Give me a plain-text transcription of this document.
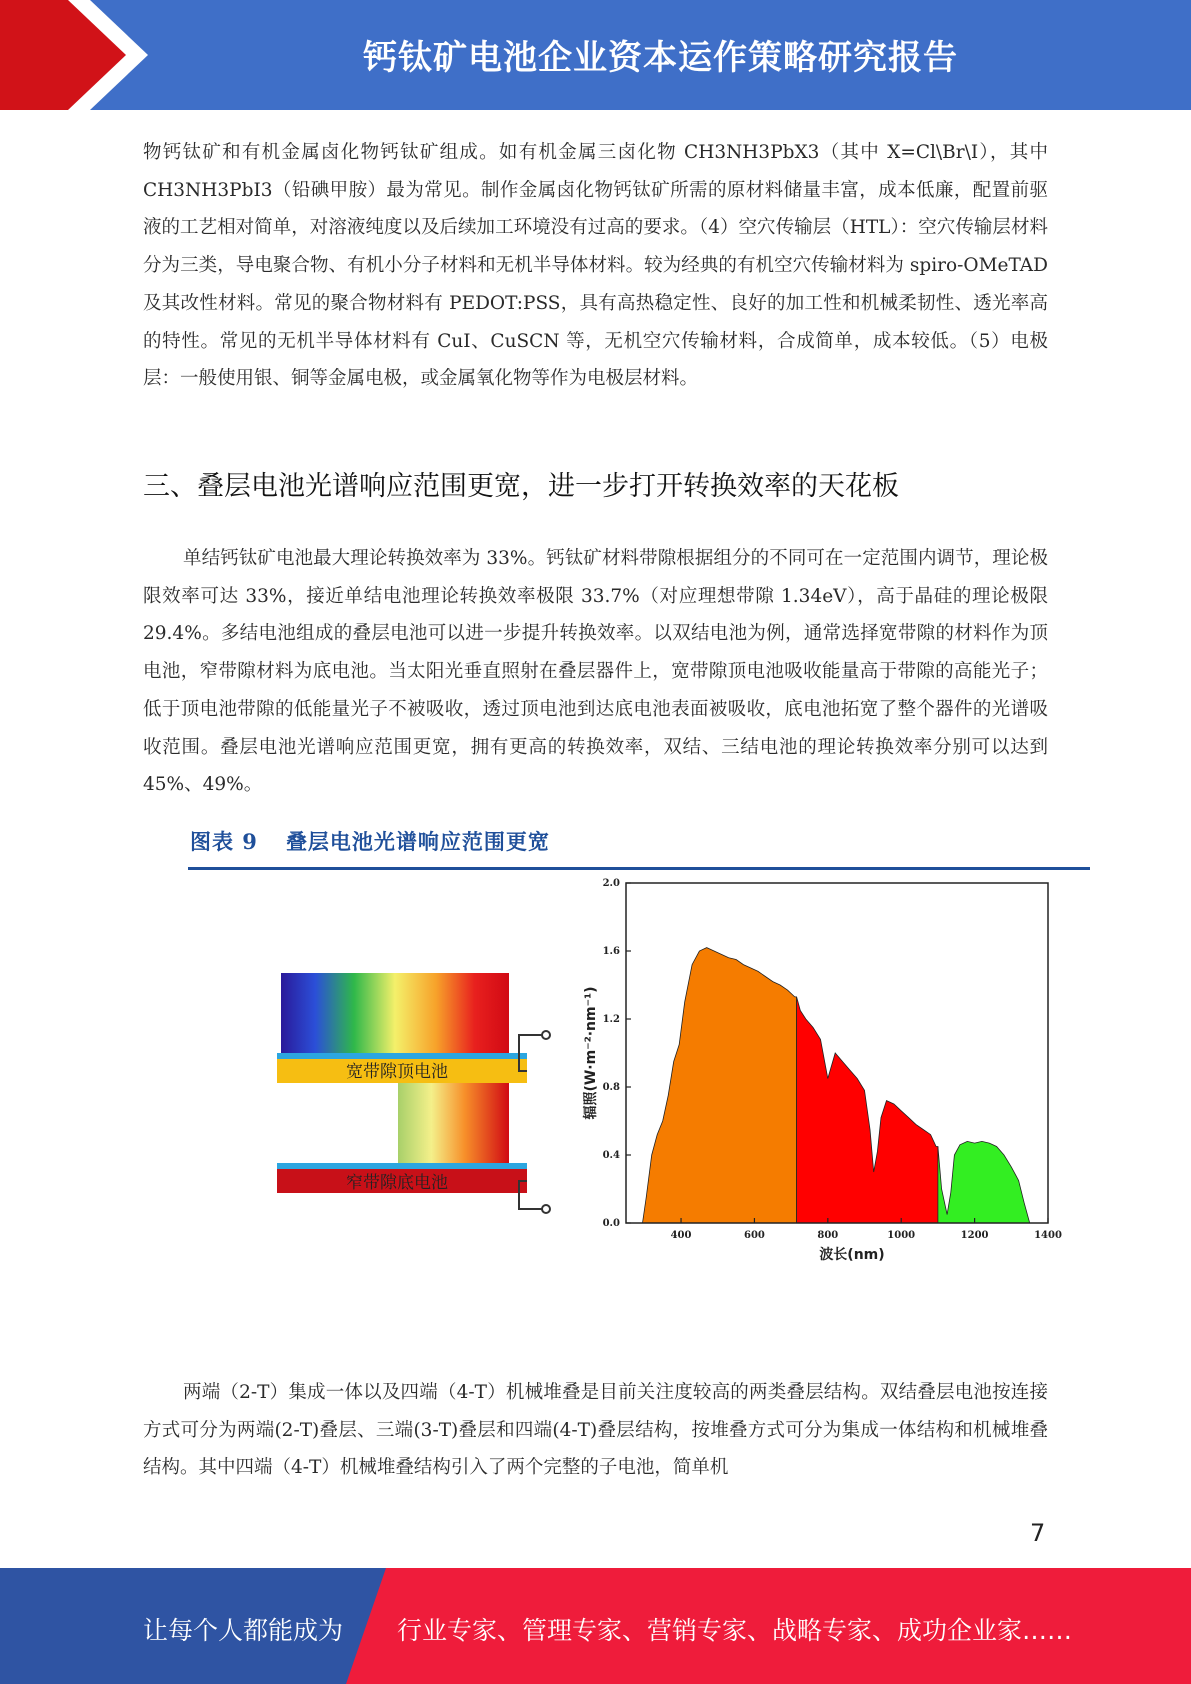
钙钛矿电池企业资本运作策略研究报告

物钙钛矿和有机金属卤化物钙钛矿组成。如有机金属三卤化物 CH3NH3PbX3（其中 X=Cl\Br\I），其中 CH3NH3PbI3（铅碘甲胺）最为常见。制作金属卤化物钙钛矿所需的原材料储量丰富，成本低廉，配置前驱液的工艺相对简单，对溶液纯度以及后续加工环境没有过高的要求。（4）空穴传输层（HTL）：空穴传输层材料分为三类，导电聚合物、有机小分子材料和无机半导体材料。较为经典的有机空穴传输材料为 spiro-OMeTAD 及其改性材料。常见的聚合物材料有 PEDOT:PSS，具有高热稳定性、良好的加工性和机械柔韧性、透光率高的特性。常见的无机半导体材料有 CuI、CuSCN 等，无机空穴传输材料，合成简单，成本较低。（5）电极层：一般使用银、铜等金属电极，或金属氧化物等作为电极层材料。

三、叠层电池光谱响应范围更宽，进一步打开转换效率的天花板

单结钙钛矿电池最大理论转换效率为 33%。钙钛矿材料带隙根据组分的不同可在一定范围内调节，理论极限效率可达 33%，接近单结电池理论转换效率极限 33.7%（对应理想带隙 1.34eV），高于晶硅的理论极限 29.4%。多结电池组成的叠层电池可以进一步提升转换效率。以双结电池为例，通常选择宽带隙的材料作为顶电池，窄带隙材料为底电池。当太阳光垂直照射在叠层器件上，宽带隙顶电池吸收能量高于带隙的高能光子；低于顶电池带隙的低能量光子不被吸收，透过顶电池到达底电池表面被吸收，底电池拓宽了整个器件的光谱吸收范围。叠层电池光谱响应范围更宽，拥有更高的转换效率，双结、三结电池的理论转换效率分别可以达到 45%、49%。

图表 9 叠层电池光谱响应范围更宽
宽带隙顶电池
窄带隙底电池
400	600	800	1000	1200	1400
0.0
0.4
0.8
1.2
1.6
2.0
波长(nm)
辐照(W·m⁻²·nm⁻¹)

两端（2-T）集成一体以及四端（4-T）机械堆叠是目前关注度较高的两类叠层结构。双结叠层电池按连接方式可分为两端(2-T)叠层、三端(3-T)叠层和四端(4-T)叠层结构，按堆叠方式可分为集成一体结构和机械堆叠结构。其中四端（4-T）机械堆叠结构引入了两个完整的子电池，简单机

7
让每个人都能成为 行业专家、管理专家、营销专家、战略专家、成功企业家……
